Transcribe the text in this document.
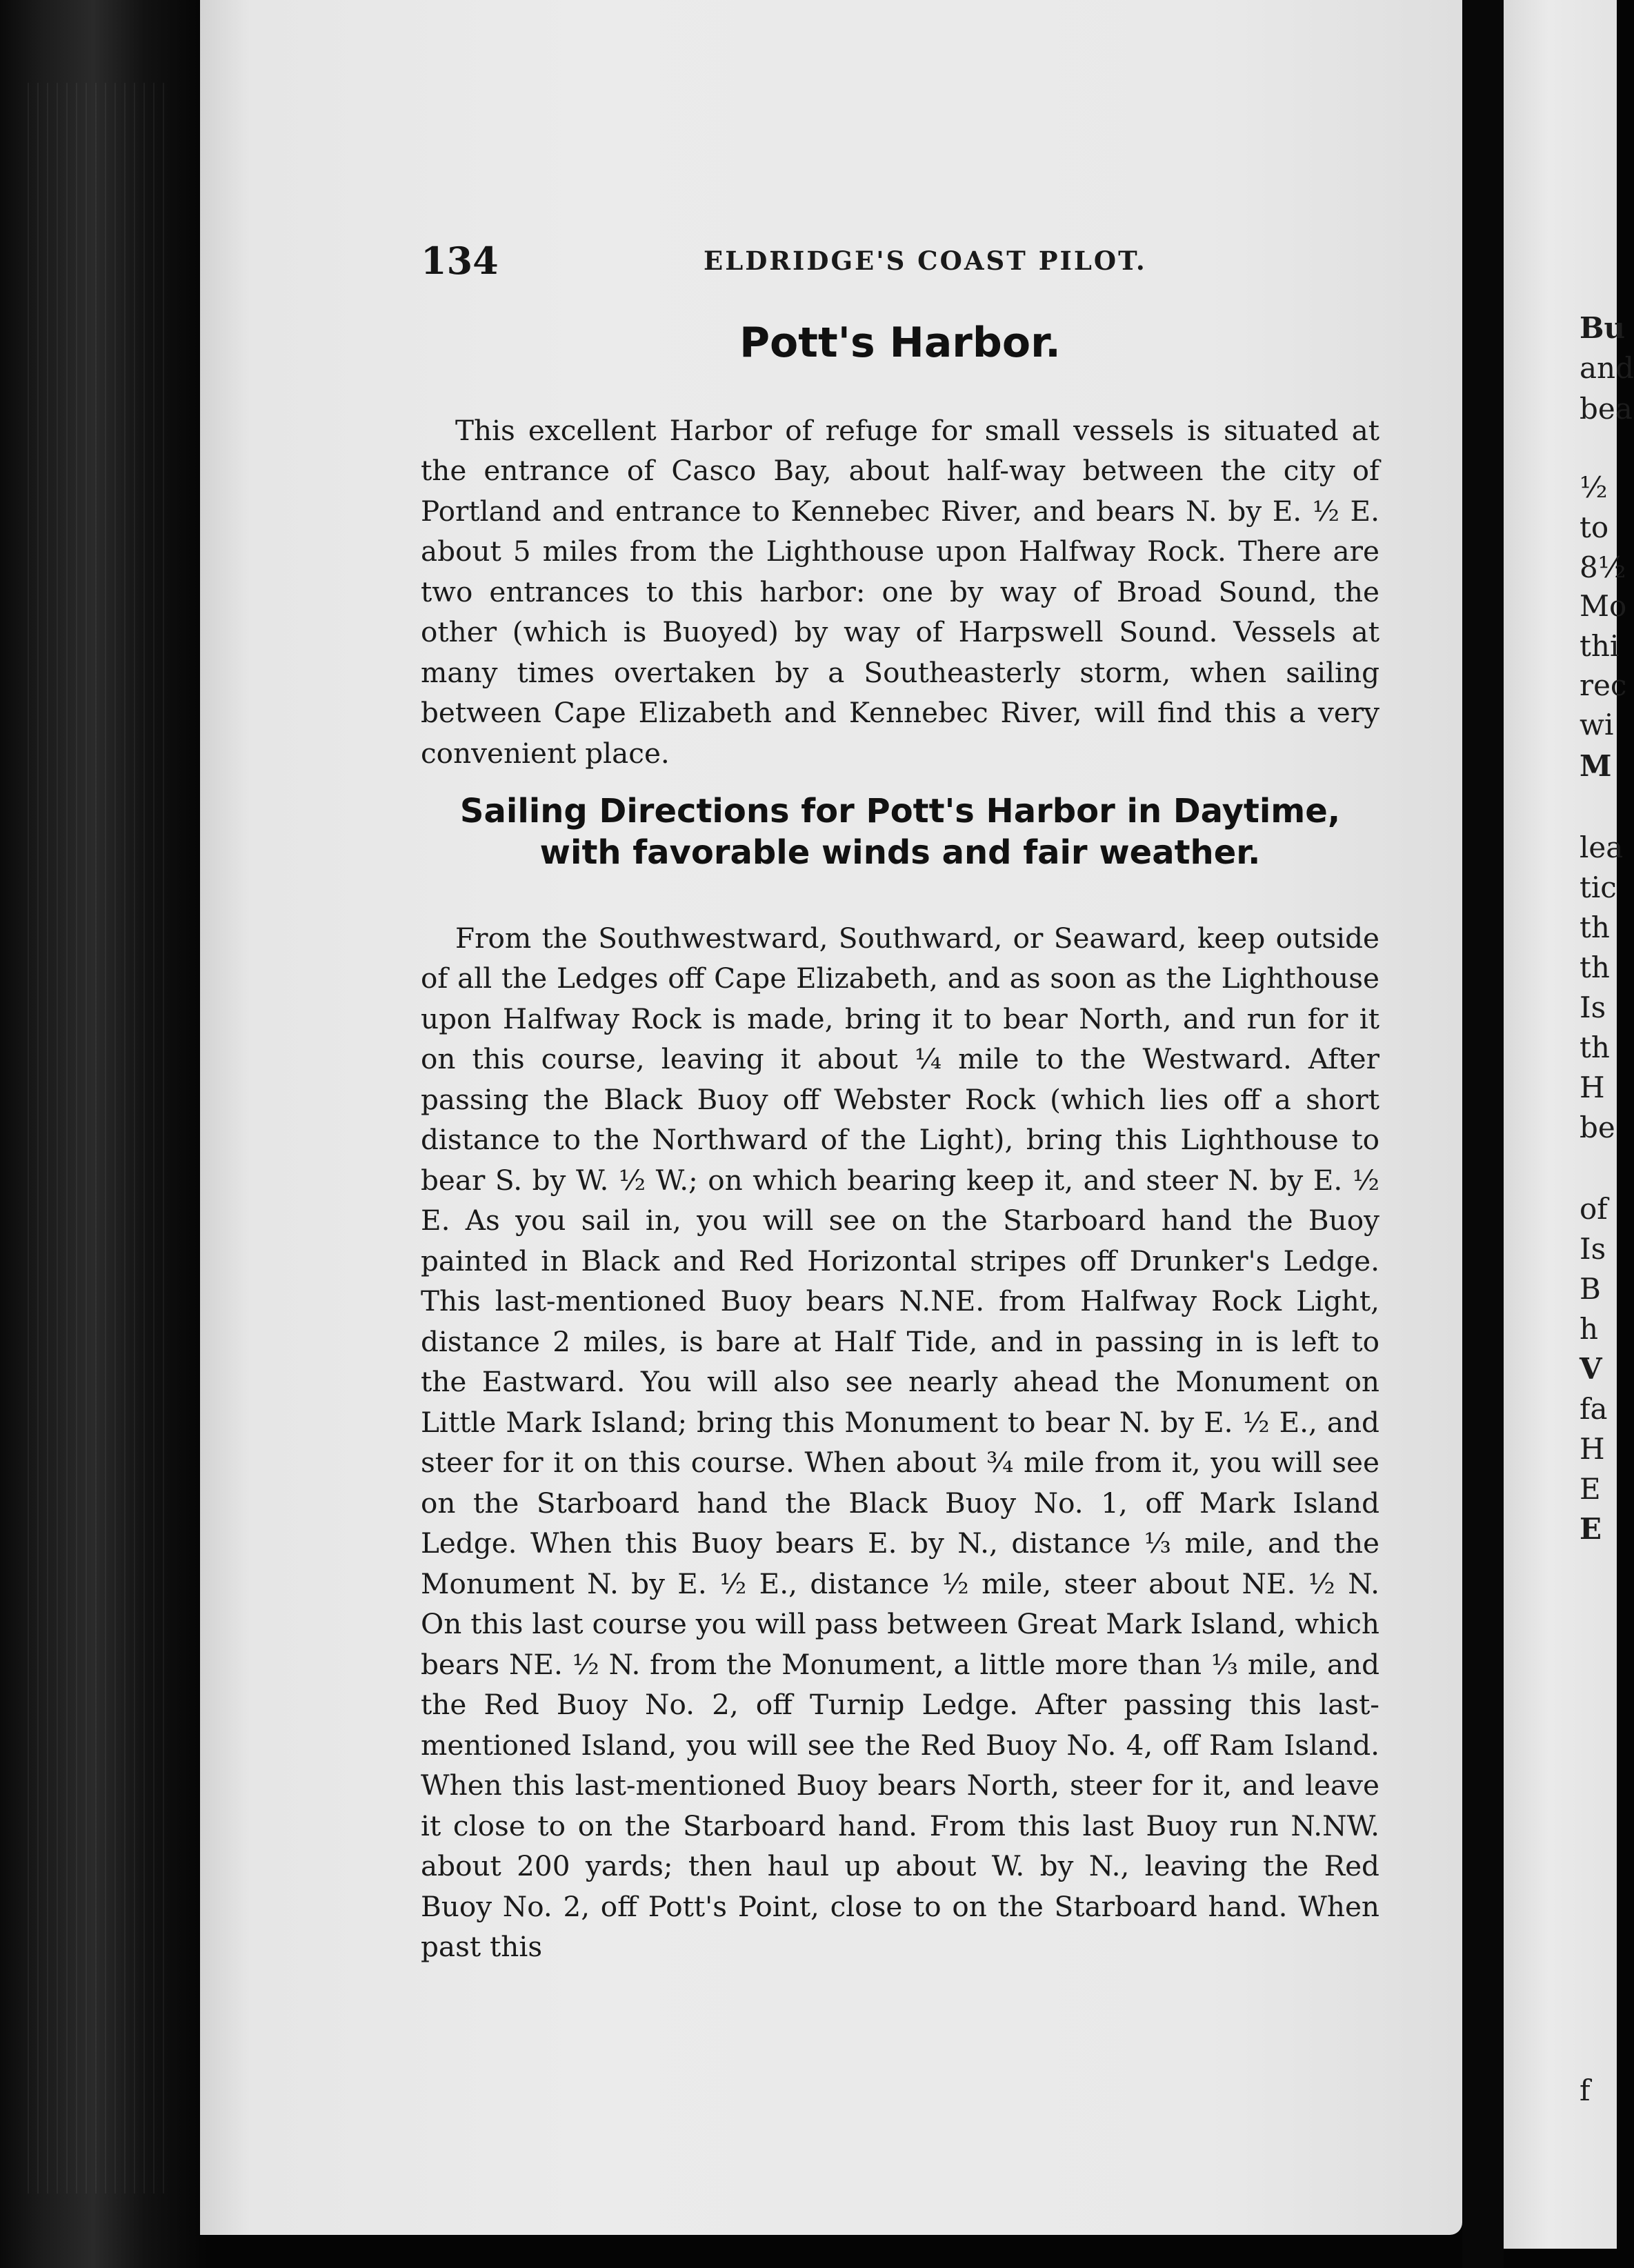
Bu
and
bea
½
to
8½
Mo
thi
rec
wi
M
lea
tic
th
th
Is
th
H
be
of
Is
B
h
V
fa
H
E
E
f
134	ELDRIDGE'S COAST PILOT.
Pott's Harbor.

This excellent Harbor of refuge for small vessels is situated at the entrance of Casco Bay, about half-way between the city of Portland and entrance to Kennebec River, and bears N. by E. ½ E. about 5 miles from the Lighthouse upon Halfway Rock. There are two entrances to this harbor: one by way of Broad Sound, the other (which is Buoyed) by way of Harpswell Sound. Vessels at many times overtaken by a Southeasterly storm, when sailing between Cape Elizabeth and Kennebec River, will find this a very convenient place.

Sailing Directions for Pott's Harbor in Daytime,
with favorable winds and fair weather.

From the Southwestward, Southward, or Seaward, keep outside of all the Ledges off Cape Elizabeth, and as soon as the Lighthouse upon Halfway Rock is made, bring it to bear North, and run for it on this course, leaving it about ¼ mile to the Westward. After passing the Black Buoy off Webster Rock (which lies off a short distance to the Northward of the Light), bring this Lighthouse to bear S. by W. ½ W.; on which bearing keep it, and steer N. by E. ½ E. As you sail in, you will see on the Starboard hand the Buoy painted in Black and Red Horizontal stripes off Drunker's Ledge. This last-mentioned Buoy bears N.NE. from Halfway Rock Light, distance 2 miles, is bare at Half Tide, and in passing in is left to the Eastward. You will also see nearly ahead the Monument on Little Mark Island; bring this Monument to bear N. by E. ½ E., and steer for it on this course. When about ¾ mile from it, you will see on the Starboard hand the Black Buoy No. 1, off Mark Island Ledge. When this Buoy bears E. by N., distance ⅓ mile, and the Monument N. by E. ½ E., distance ½ mile, steer about NE. ½ N. On this last course you will pass between Great Mark Island, which bears NE. ½ N. from the Monument, a little more than ⅓ mile, and the Red Buoy No. 2, off Turnip Ledge. After passing this last-mentioned Island, you will see the Red Buoy No. 4, off Ram Island. When this last-mentioned Buoy bears North, steer for it, and leave it close to on the Starboard hand. From this last Buoy run N.NW. about 200 yards; then haul up about W. by N., leaving the Red Buoy No. 2, off Pott's Point, close to on the Starboard hand. When past this
